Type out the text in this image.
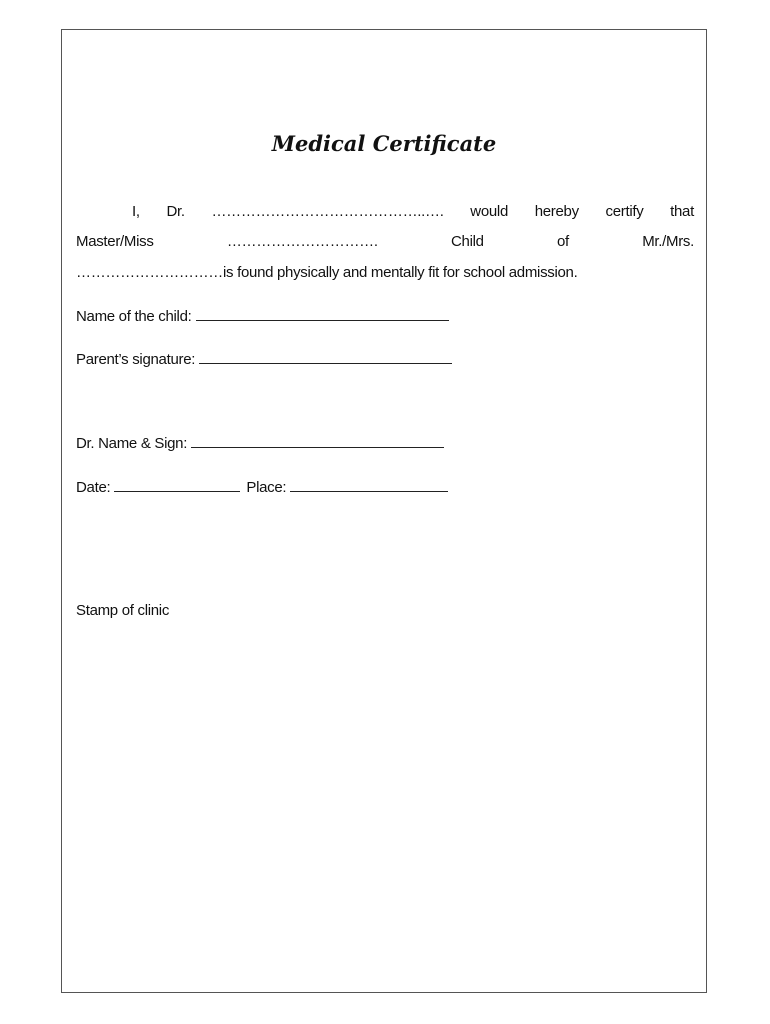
Medical Certificate
I, Dr. ……………………………………..…. would hereby certify that
Master/Miss	………………………….	Child	of	Mr./Mrs.
…………………………is found physically and mentally fit for school admission.
Name of the child:
Parent’s signature:
Dr. Name & Sign:
Date:	Place:
Stamp of clinic
